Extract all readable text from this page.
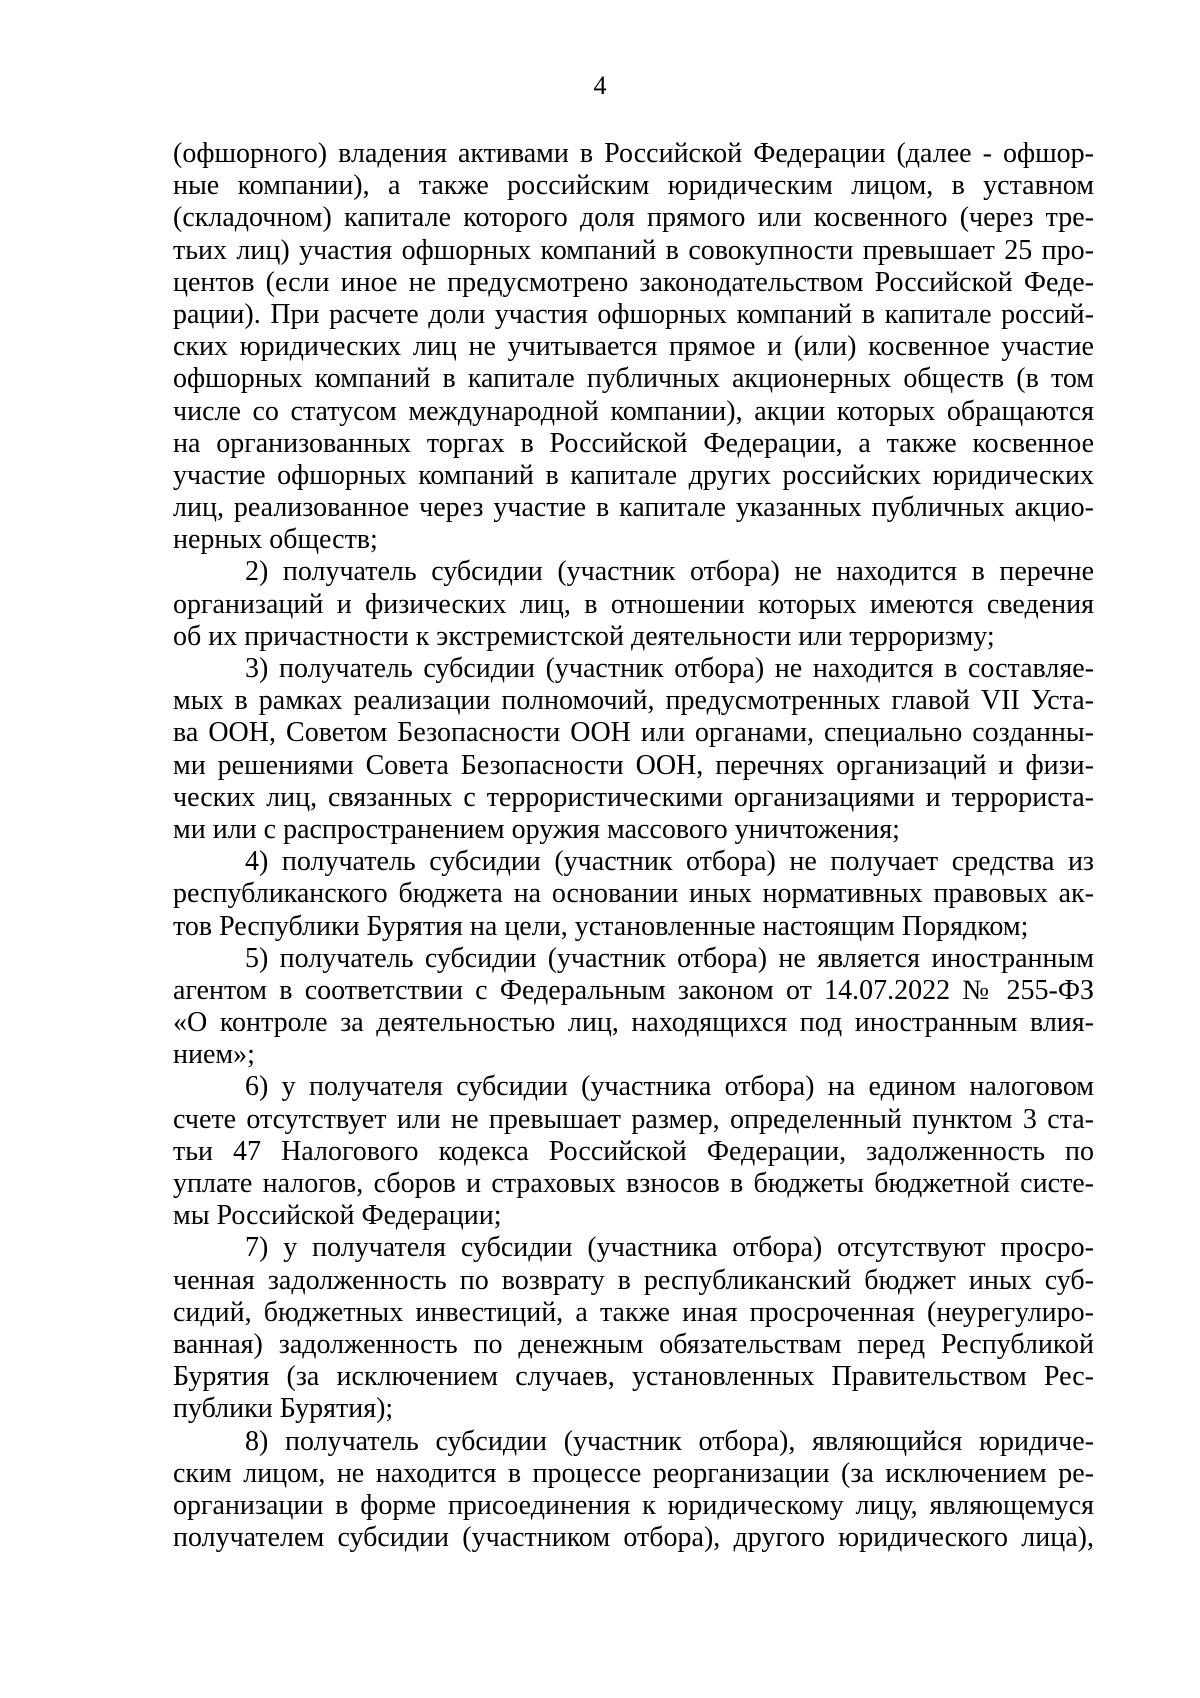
4
(офшорного) владения активами в Российской Федерации (далее - офшор-
ные компании), а также российским юридическим лицом, в уставном
(складочном) капитале которого доля прямого или косвенного (через тре-
тьих лиц) участия офшорных компаний в совокупности превышает 25 про-
центов (если иное не предусмотрено законодательством Российской Феде-
рации). При расчете доли участия офшорных компаний в капитале россий-
ских юридических лиц не учитывается прямое и (или) косвенное участие
офшорных компаний в капитале публичных акционерных обществ (в том
числе со статусом международной компании), акции которых обращаются
на организованных торгах в Российской Федерации, а также косвенное
участие офшорных компаний в капитале других российских юридических
лиц, реализованное через участие в капитале указанных публичных акцио-
нерных обществ;
2) получатель субсидии (участник отбора) не находится в перечне
организаций и физических лиц, в отношении которых имеются сведения
об их причастности к экстремистской деятельности или терроризму;
3) получатель субсидии (участник отбора) не находится в составляе-
мых в рамках реализации полномочий, предусмотренных главой VII Уста-
ва ООН, Советом Безопасности ООН или органами, специально созданны-
ми решениями Совета Безопасности ООН, перечнях организаций и физи-
ческих лиц, связанных с террористическими организациями и террориста-
ми или с распространением оружия массового уничтожения;
4) получатель субсидии (участник отбора) не получает средства из
республиканского бюджета на основании иных нормативных правовых ак-
тов Республики Бурятия на цели, установленные настоящим Порядком;
5) получатель субсидии (участник отбора) не является иностранным
агентом в соответствии с Федеральным законом от 14.07.2022 № 255-ФЗ
«О контроле за деятельностью лиц, находящихся под иностранным влия-
нием»;
6) у получателя субсидии (участника отбора) на едином налоговом
счете отсутствует или не превышает размер, определенный пунктом 3 ста-
тьи 47 Налогового кодекса Российской Федерации, задолженность по
уплате налогов, сборов и страховых взносов в бюджеты бюджетной систе-
мы Российской Федерации;
7) у получателя субсидии (участника отбора) отсутствуют просро-
ченная задолженность по возврату в республиканский бюджет иных суб-
сидий, бюджетных инвестиций, а также иная просроченная (неурегулиро-
ванная) задолженность по денежным обязательствам перед Республикой
Бурятия (за исключением случаев, установленных Правительством Рес-
публики Бурятия);
8) получатель субсидии (участник отбора), являющийся юридиче-
ским лицом, не находится в процессе реорганизации (за исключением ре-
организации в форме присоединения к юридическому лицу, являющемуся
получателем субсидии (участником отбора), другого юридического лица),
